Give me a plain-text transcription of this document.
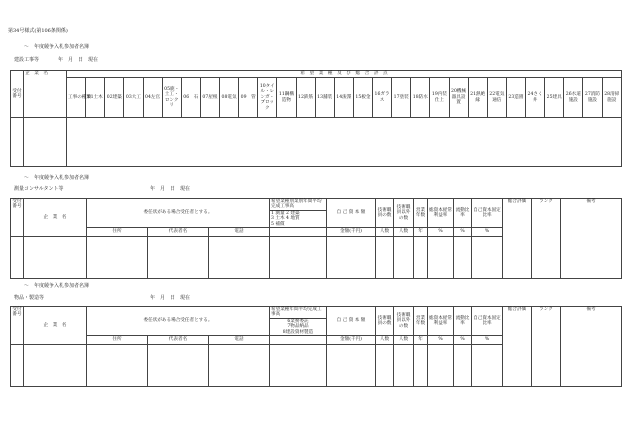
第34号様式(第106条関係)
〜　年度競争入札参加者名簿
建設工事等	年　月　日　現在
受付番号	企　業　名	希　望　業　種　及　び　総　合　評　点																												
		工事の種類	01土木	02建築	03大工	04左官	05鹿・土工・ロンクリ	06　石	07屋根	08電気	09　管	10タイル・レンガ・ブロック	11鋼構造物	12鉄筋	13舗装	14浚渫	15板金	16ガラス	17塗装	18防水	19内装仕上	20機械器具設置	21熱絶縁	22電気通信	23造園	24さく井	25建具	26水道施設	27消防施設	28清掃施設

〜　年度競争入札参加者名簿
測量コンサルタント等	年　月　日　現在
受付番号	企　業　名	委任状がある場合受任者とする。			希望業種別業別年間平均完成工事高	自 己 資 本 額	技術職員の数	技術職員以外の数	営業年数	総資本経常利益率	流動比率	自己資本固定比率	総合評価	ランク	備考

					1 測量 2 建築
3 土木 4 地質
5 補償										

		住所	代表者名	電話		金額(千円)	人数	人数	年	%	%	%			

〜　年度競争入札参加者名簿
物品・製造等	年　月　日　現在
受付番号	企　業　名	委任状がある場合受任者とする。			希望業種年間平均完成工事高	自 己 資 本 額	技術職員の数	技術職員以外の数	営業年数	総資本経常利益率	流動比率	自己資本固定比率	総合評価	ランク	備考

					6業務委託
7物品納品
8建設資材製造										

		住所	代表者名	電話		金額(千円)	人数	人数	年	%	%	%			
